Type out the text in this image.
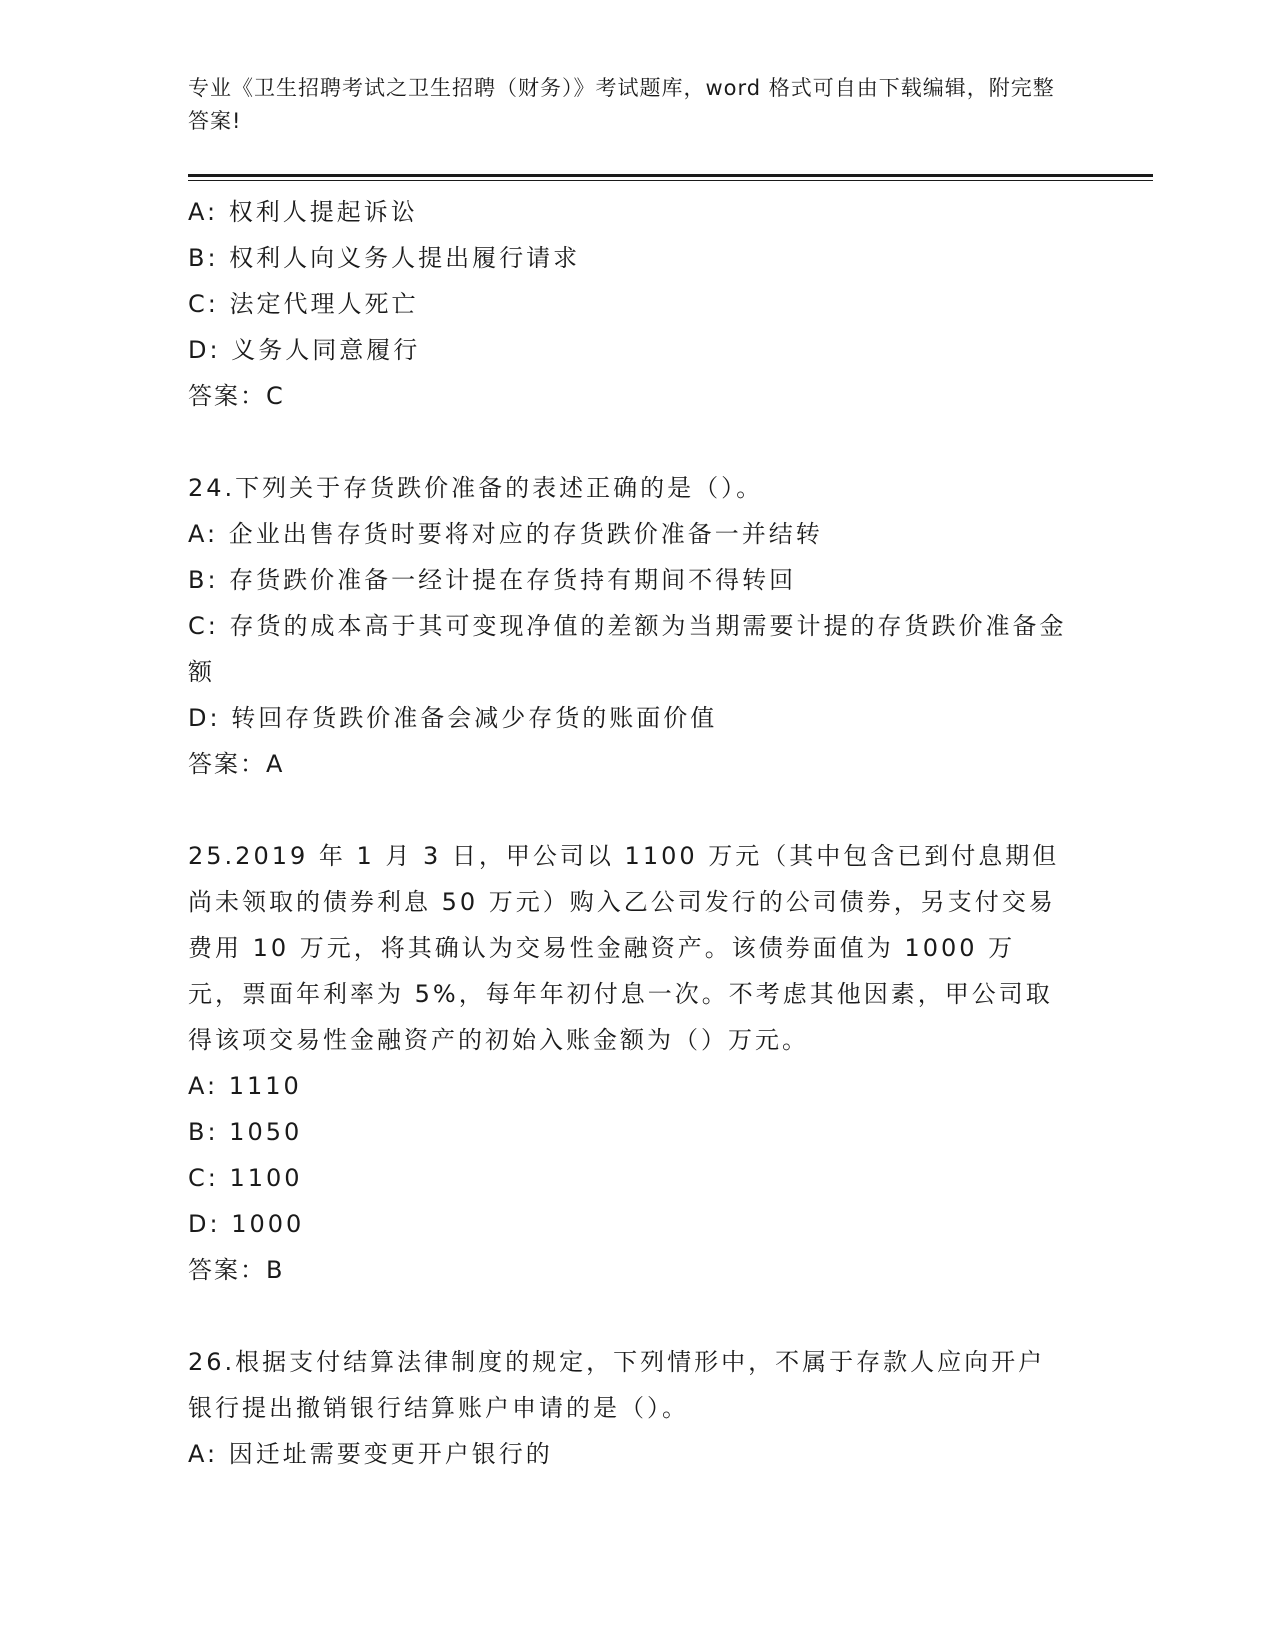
专业《卫生招聘考试之卫生招聘（财务）》考试题库，word 格式可自由下载编辑，附完整答案!
A: 权利人提起诉讼
B: 权利人向义务人提出履行请求
C: 法定代理人死亡
D: 义务人同意履行
答案：C
24.下列关于存货跌价准备的表述正确的是（）。
A: 企业出售存货时要将对应的存货跌价准备一并结转
B: 存货跌价准备一经计提在存货持有期间不得转回
C: 存货的成本高于其可变现净值的差额为当期需要计提的存货跌价准备金额
D: 转回存货跌价准备会减少存货的账面价值
答案：A
25.2019 年 1 月 3 日，甲公司以 1100 万元（其中包含已到付息期但尚未领取的债券利息 50 万元）购入乙公司发行的公司债券，另支付交易费用 10 万元，将其确认为交易性金融资产。该债券面值为 1000 万元，票面年利率为 5%，每年年初付息一次。不考虑其他因素，甲公司取得该项交易性金融资产的初始入账金额为（）万元。
A: 1110
B: 1050
C: 1100
D: 1000
答案：B
26.根据支付结算法律制度的规定，下列情形中，不属于存款人应向开户银行提出撤销银行结算账户申请的是（）。
A: 因迁址需要变更开户银行的
